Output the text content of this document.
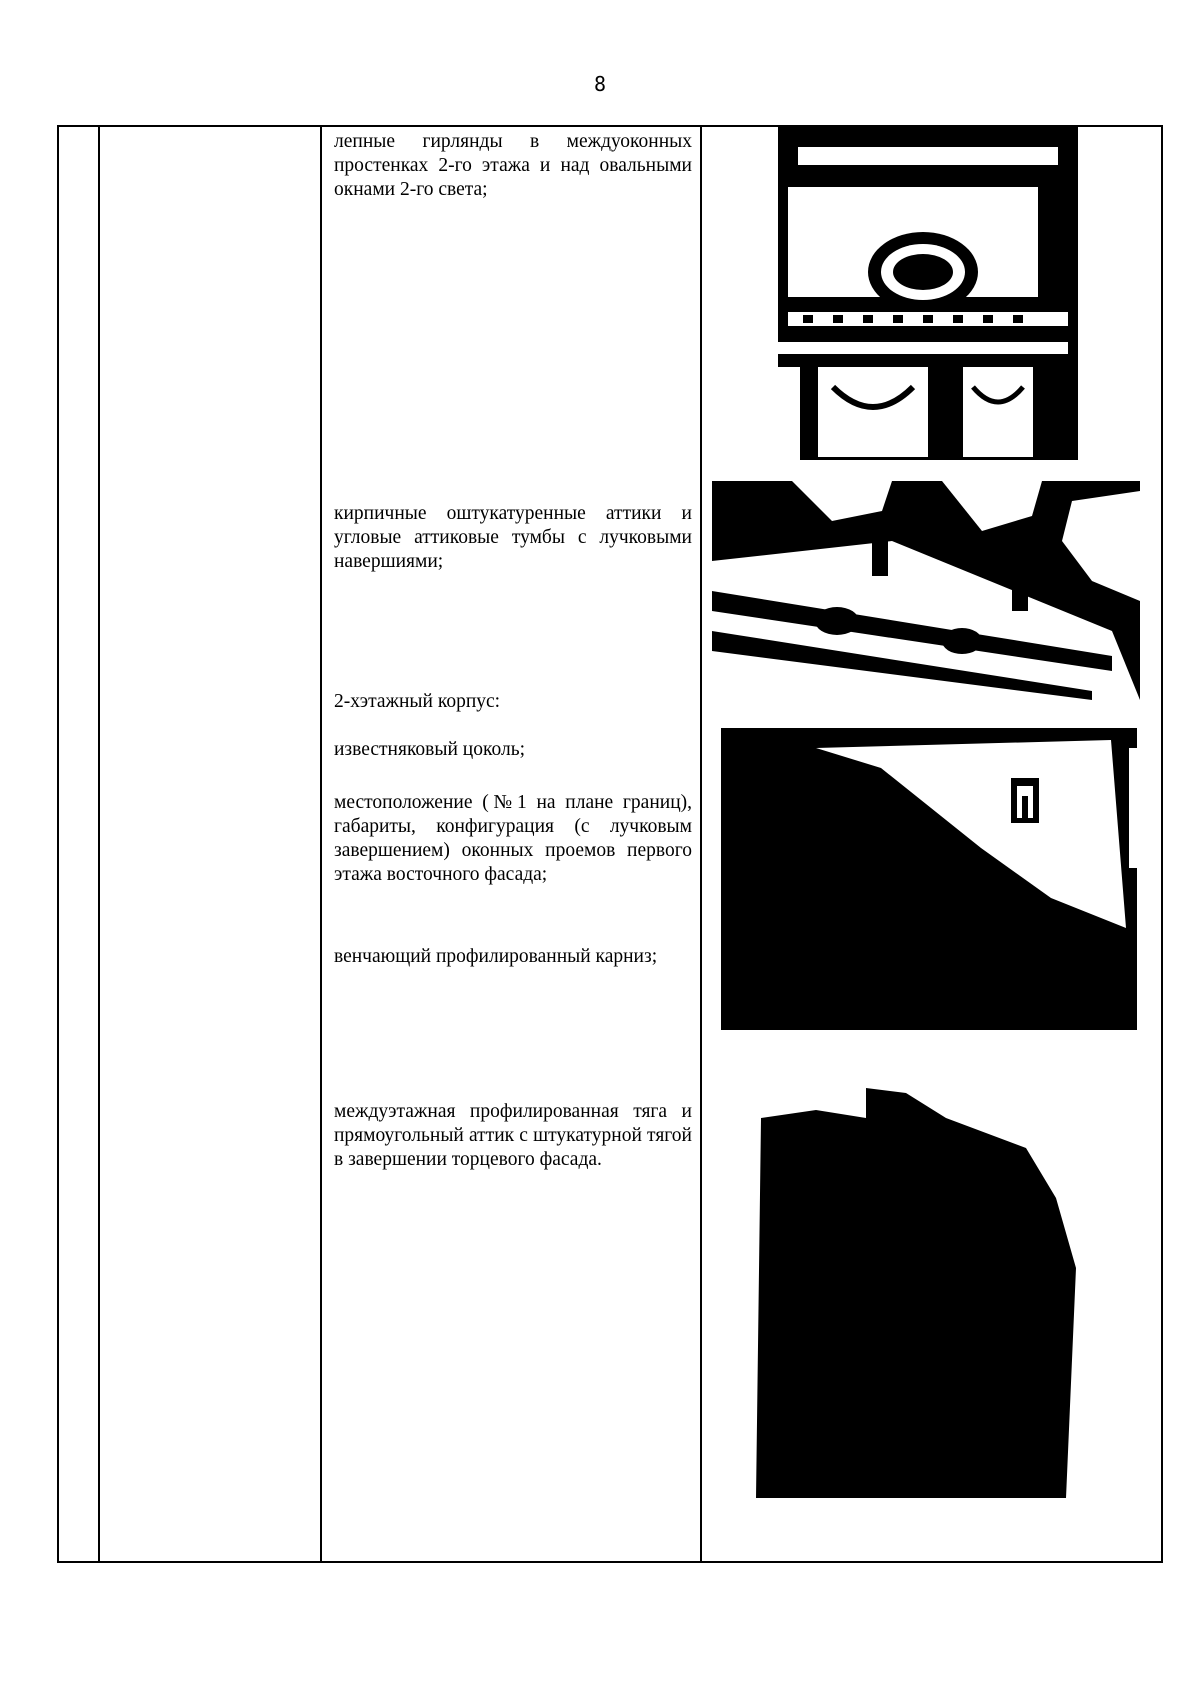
8
лепные гирлянды в междуоконных простенках 2-го этажа и над овальными окнами 2-го света;
кирпичные оштукатуренные аттики и угловые аттиковые тумбы с лучковыми навершиями;
2-хэтажный корпус:
известняковый цоколь;
местоположение (№1 на плане границ), габариты, конфигурация (с лучковым завершением) оконных проемов первого этажа восточного фасада;
венчающий профилированный карниз;
междуэтажная профилированная тяга и прямоугольный аттик с штукатурной тягой в завершении торцевого фасада.
